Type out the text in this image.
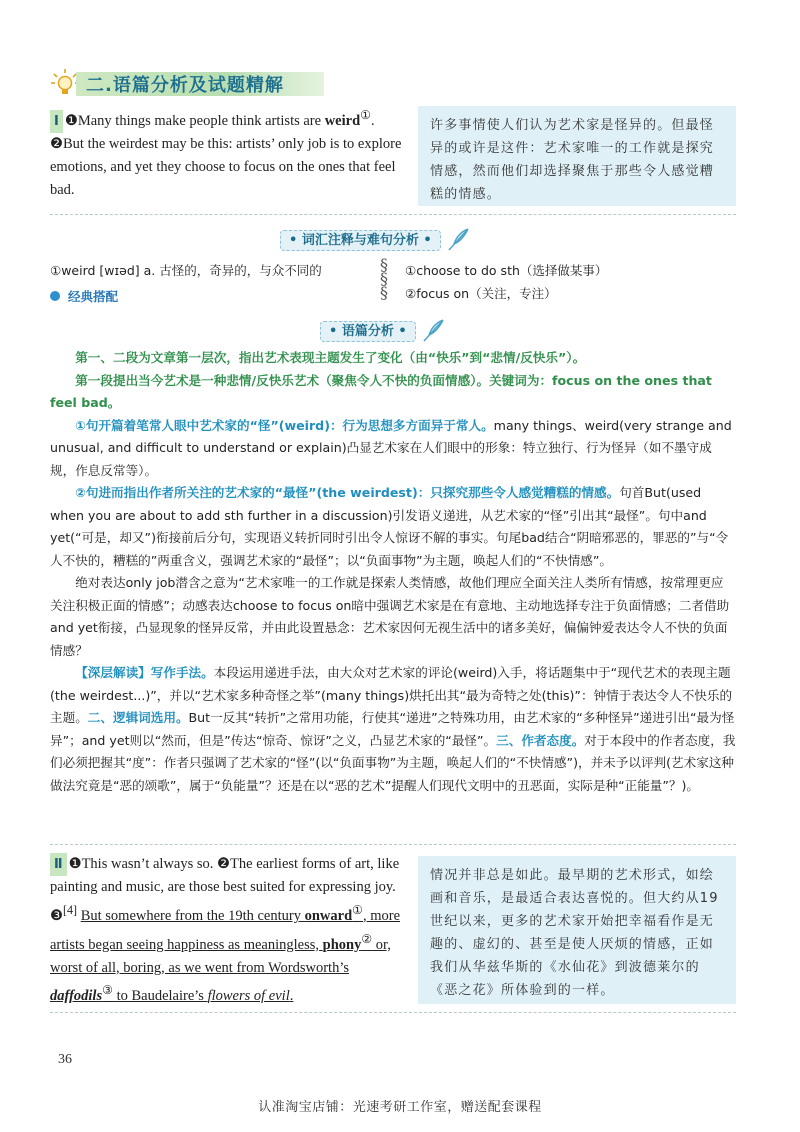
二.语篇分析及试题精解
Ⅰ ❶Many things make people think artists are weird①. ❷But the weirdest may be this: artists’ only job is to explore emotions, and yet they choose to focus on the ones that feel bad.
许多事情使人们认为艺术家是怪异的。但最怪异的或许是这件：艺术家唯一的工作就是探究情感，然而他们却选择聚焦于那些令人感觉糟糕的情感。
• 词汇注释与难句分析 •
①weird [wɪəd] a. 古怪的，奇异的，与众不同的
经典搭配
§
§
§
①choose to do sth（选择做某事）
②focus on（关注，专注）
• 语篇分析 •
第一、二段为文章第一层次，指出艺术表现主题发生了变化（由“快乐”到“悲情/反快乐”）。
第一段提出当今艺术是一种悲情/反快乐艺术（聚焦令人不快的负面情感）。关键词为：focus on the ones that feel bad。
①句开篇着笔常人眼中艺术家的“怪”(weird)：行为思想多方面异于常人。many things、weird(very strange and unusual, and difficult to understand or explain)凸显艺术家在人们眼中的形象：特立独行、行为怪异（如不墨守成规，作息反常等）。
②句进而指出作者所关注的艺术家的“最怪”(the weirdest)：只探究那些令人感觉糟糕的情感。句首But(used when you are about to add sth further in a discussion)引发语义递进，从艺术家的“怪”引出其“最怪”。句中and yet(“可是，却又”)衔接前后分句，实现语义转折同时引出令人惊讶不解的事实。句尾bad结合“阴暗邪恶的，罪恶的”与“令人不快的，糟糕的”两重含义，强调艺术家的“最怪”；以“负面事物”为主题，唤起人们的“不快情感”。
绝对表达only job潜含之意为“艺术家唯一的工作就是探索人类情感，故他们理应全面关注人类所有情感，按常理更应关注积极正面的情感”；动感表达choose to focus on暗中强调艺术家是在有意地、主动地选择专注于负面情感；二者借助and yet衔接，凸显现象的怪异反常，并由此设置悬念：艺术家因何无视生活中的诸多美好，偏偏钟爱表达令人不快的负面情感？
【深层解读】写作手法。本段运用递进手法，由大众对艺术家的评论(weird)入手，将话题集中于“现代艺术的表现主题(the weirdest...)”，并以“艺术家多种奇怪之举”(many things)烘托出其“最为奇特之处(this)”：钟情于表达令人不快乐的主题。二、逻辑词选用。But一反其“转折”之常用功能，行使其“递进”之特殊功用，由艺术家的“多种怪异”递进引出“最为怪异”；and yet则以“然而，但是”传达“惊奇、惊讶”之义，凸显艺术家的“最怪”。三、作者态度。对于本段中的作者态度，我们必须把握其“度”：作者只强调了艺术家的“怪”(以“负面事物”为主题，唤起人们的“不快情感”)，并未予以评判(艺术家这种做法究竟是“恶的颂歌”，属于“负能量”？还是在以“恶的艺术”提醒人们现代文明中的丑恶面，实际是种“正能量”？)。
Ⅱ ❶This wasn’t always so. ❷The earliest forms of art, like painting and music, are those best suited for expressing joy. ❸[4] But somewhere from the 19th century onward①, more artists began seeing happiness as meaningless, phony② or, worst of all, boring, as we went from Wordsworth’s daffodils③ to Baudelaire’s flowers of evil.
情况并非总是如此。最早期的艺术形式，如绘画和音乐，是最适合表达喜悦的。但大约从19世纪以来，更多的艺术家开始把幸福看作是无趣的、虚幻的、甚至是使人厌烦的情感，正如我们从华兹华斯的《水仙花》到波德莱尔的《恶之花》所体验到的一样。
36
认准淘宝店铺：光速考研工作室，赠送配套课程
